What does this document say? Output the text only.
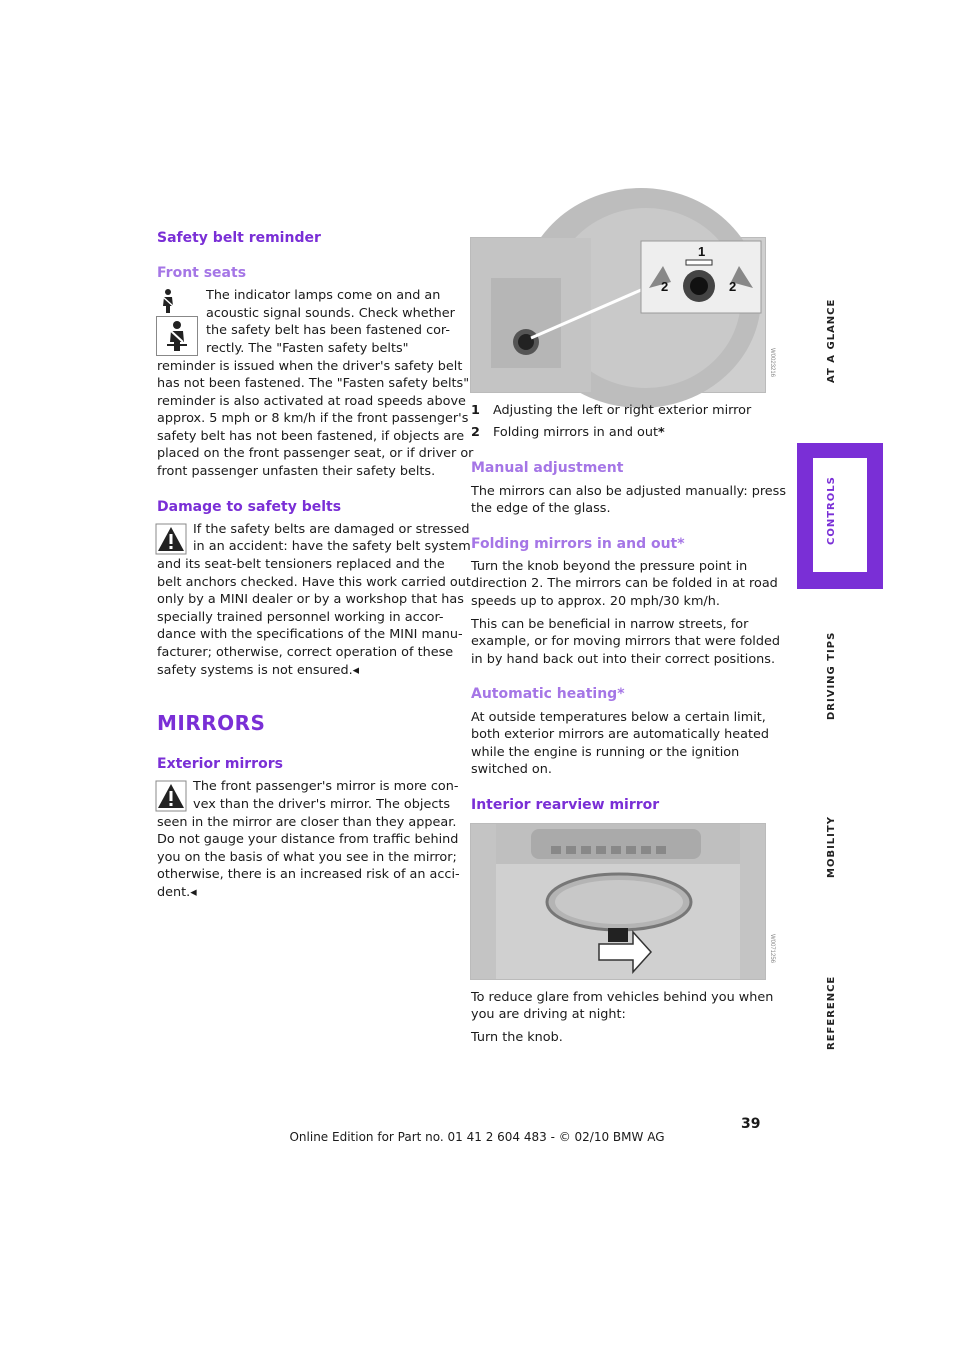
Safety belt reminder
Front seats
The indicator lamps come on and an
acoustic signal sounds. Check whether
the safety belt has been fastened cor-
rectly. The "Fasten safety belts"
reminder is issued when the driver's safety belt
has not been fastened. The "Fasten safety belts"
reminder is also activated at road speeds above
approx. 5 mph or 8 km/h if the front passenger's
safety belt has not been fastened, if objects are
placed on the front passenger seat, or if driver or
front passenger unfasten their safety belts.
Damage to safety belts
If the safety belts are damaged or stressed
in an accident: have the safety belt system
and its seat-belt tensioners replaced and the
belt anchors checked. Have this work carried out
only by a MINI dealer or by a workshop that has
specially trained personnel working in accor-
dance with the specifications of the MINI manu-
facturer; otherwise, correct operation of these
safety systems is not ensured.◂
MIRRORS
Exterior mirrors
The front passenger's mirror is more con-
vex than the driver's mirror. The objects
seen in the mirror are closer than they appear.
Do not gauge your distance from traffic behind
you on the basis of what you see in the mirror;
otherwise, there is an increased risk of an acci-
dent.◂
1
2	2
W0023216
1 Adjusting the left or right exterior mirror
2 Folding mirrors in and out*
Manual adjustment
The mirrors can also be adjusted manually: press
the edge of the glass.
Folding mirrors in and out*
Turn the knob beyond the pressure point in
direction 2. The mirrors can be folded in at road
speeds up to approx. 20 mph/30 km/h.
This can be beneficial in narrow streets, for
example, or for moving mirrors that were folded
in by hand back out into their correct positions.
Automatic heating*
At outside temperatures below a certain limit,
both exterior mirrors are automatically heated
while the engine is running or the ignition
switched on.
Interior rearview mirror
W0071256
To reduce glare from vehicles behind you when
you are driving at night:
Turn the knob.
AT A GLANCE
CONTROLS
DRIVING TIPS
MOBILITY
REFERENCE
39
Online Edition for Part no. 01 41 2 604 483 - © 02/10 BMW AG
